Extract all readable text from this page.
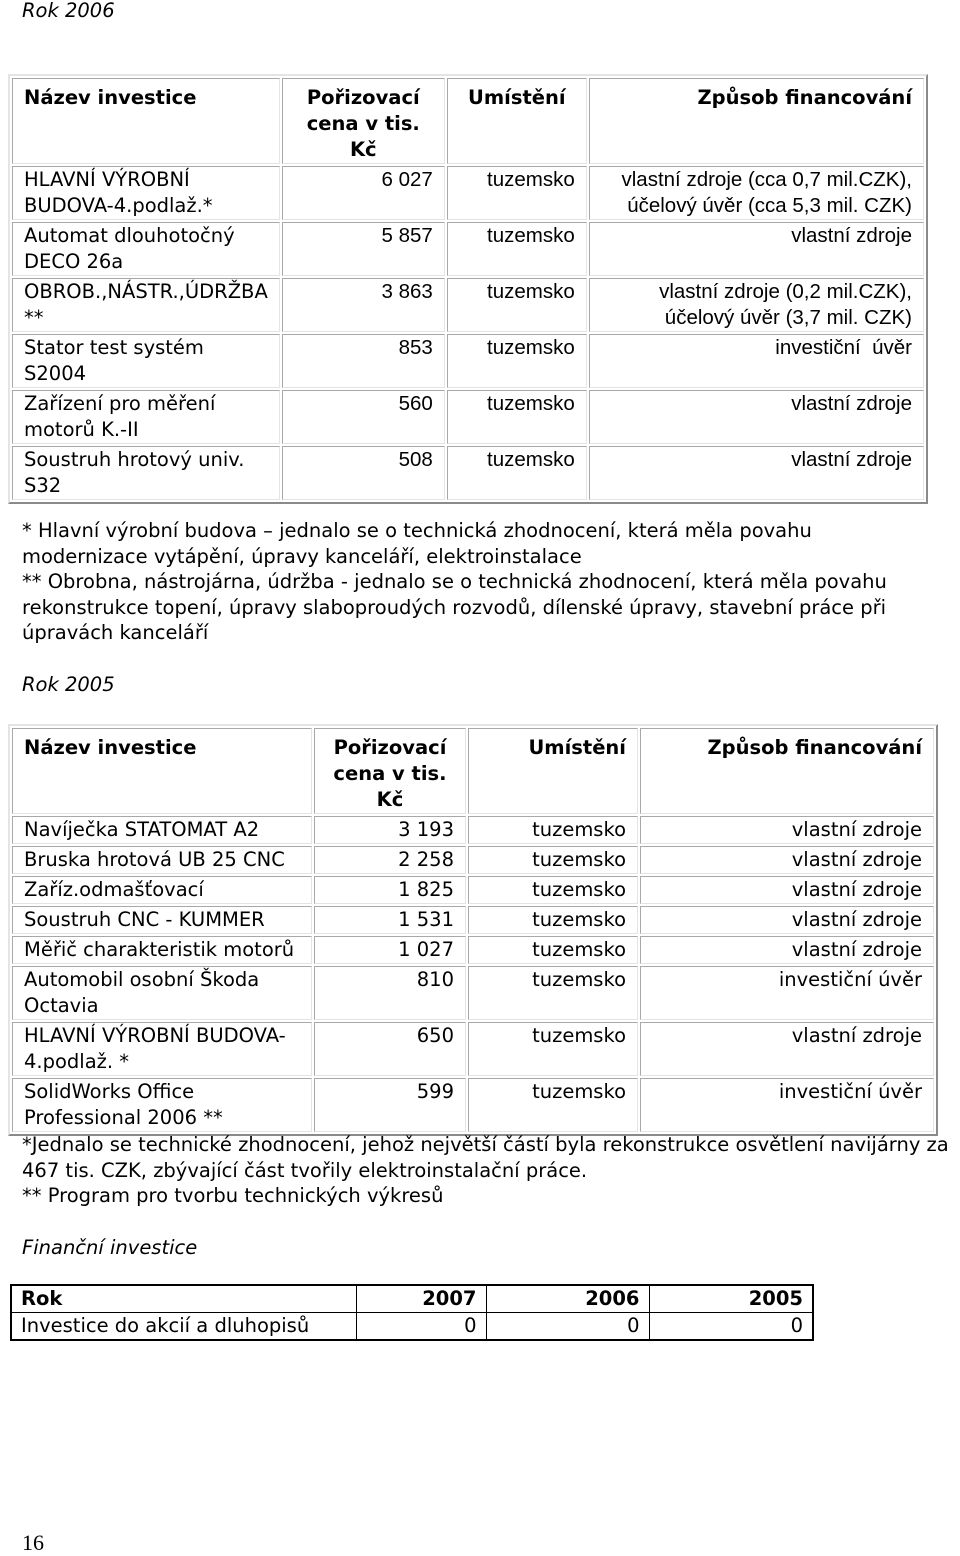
Rok 2006
Název investice	Pořizovací cena v tis. Kč	Umístění	Způsob financování
HLAVNÍ VÝROBNÍ BUDOVA-4.podlaž.*	6 027	tuzemsko	vlastní zdroje (cca 0,7 mil.CZK), účelový úvěr (cca 5,3 mil. CZK)
Automat dlouhotočný DECO 26a	5 857	tuzemsko	vlastní zdroje
OBROB.,NÁSTR.,ÚDRŽBA **	3 863	tuzemsko	vlastní zdroje (0,2 mil.CZK), účelový úvěr (3,7 mil. CZK)
Stator test systém S2004	853	tuzemsko	investiční  úvěr
Zařízení pro měření motorů K.-II	560	tuzemsko	vlastní zdroje
Soustruh hrotový univ. S32	508	tuzemsko	vlastní zdroje
* Hlavní výrobní budova – jednalo se o technická zhodnocení, která měla povahu modernizace vytápění, úpravy kanceláří, elektroinstalace
** Obrobna, nástrojárna, údržba - jednalo se o technická zhodnocení, která měla povahu rekonstrukce topení, úpravy slaboproudých rozvodů, dílenské úpravy, stavební práce při úpravách kanceláří
Rok 2005
Název investice	Pořizovací cena v tis. Kč	Umístění	Způsob financování
Navíječka STATOMAT A2	3 193	tuzemsko	vlastní zdroje
Bruska hrotová UB 25 CNC	2 258	tuzemsko	vlastní zdroje
Zaříz.odmašťovací	1 825	tuzemsko	vlastní zdroje
Soustruh CNC - KUMMER	1 531	tuzemsko	vlastní zdroje
Měřič charakteristik motorů	1 027	tuzemsko	vlastní zdroje
Automobil osobní Škoda Octavia	810	tuzemsko	investiční úvěr
HLAVNÍ VÝROBNÍ BUDOVA-4.podlaž. *	650	tuzemsko	vlastní zdroje
SolidWorks Office Professional 2006 **	599	tuzemsko	investiční úvěr
*Jednalo se technické zhodnocení, jehož největší částí byla rekonstrukce osvětlení navijárny za 467 tis. CZK, zbývající část tvořily elektroinstalační práce.
** Program pro tvorbu technických výkresů
Finanční investice
Rok	2007	2006	2005
Investice do akcií a dluhopisů	0	0	0
16
